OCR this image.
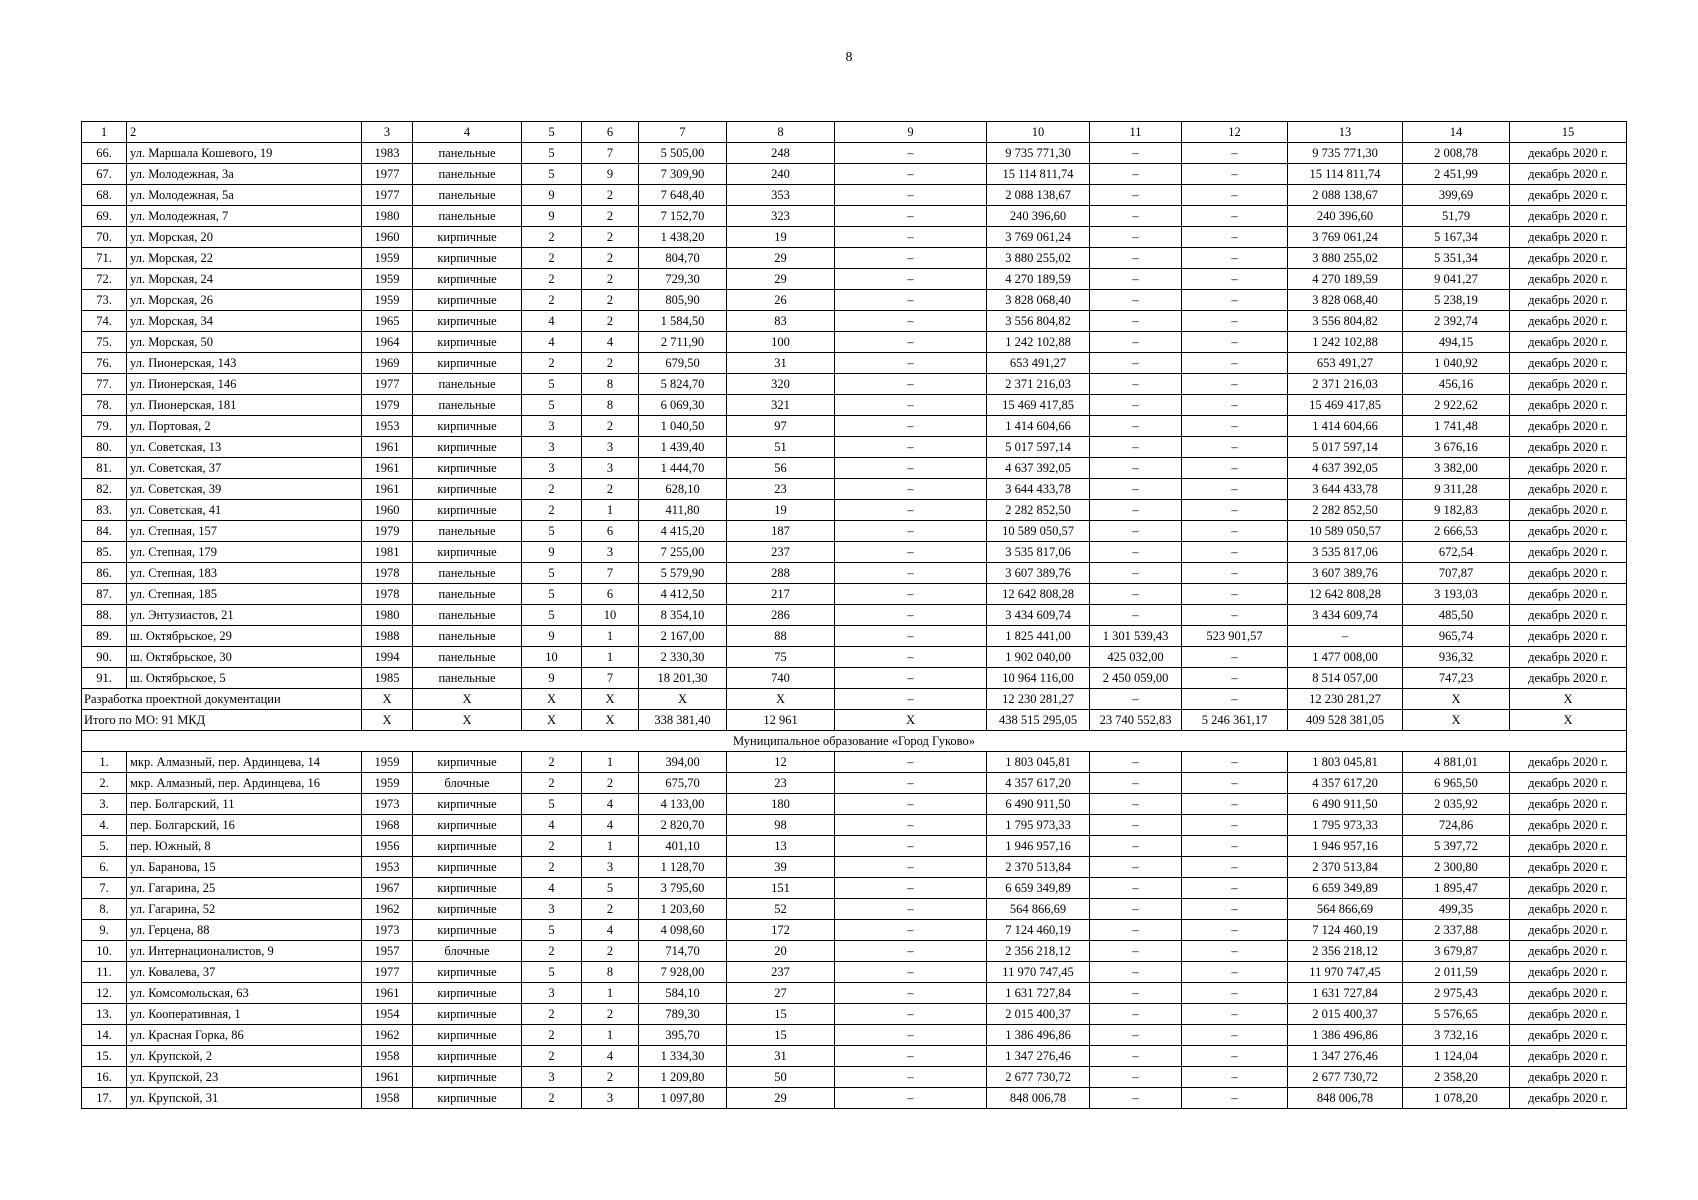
8
1	2	3	4	5	6	7	8	9	10	11	12	13	14	15
66.	ул. Маршала Кошевого, 19	1983	панельные	5	7	5 505,00	248	–	9 735 771,30	–	–	9 735 771,30	2 008,78	декабрь 2020 г.
67.	ул. Молодежная, 3а	1977	панельные	5	9	7 309,90	240	–	15 114 811,74	–	–	15 114 811,74	2 451,99	декабрь 2020 г.
68.	ул. Молодежная, 5а	1977	панельные	9	2	7 648,40	353	–	2 088 138,67	–	–	2 088 138,67	399,69	декабрь 2020 г.
69.	ул. Молодежная, 7	1980	панельные	9	2	7 152,70	323	–	240 396,60	–	–	240 396,60	51,79	декабрь 2020 г.
70.	ул. Морская, 20	1960	кирпичные	2	2	1 438,20	19	–	3 769 061,24	–	–	3 769 061,24	5 167,34	декабрь 2020 г.
71.	ул. Морская, 22	1959	кирпичные	2	2	804,70	29	–	3 880 255,02	–	–	3 880 255,02	5 351,34	декабрь 2020 г.
72.	ул. Морская, 24	1959	кирпичные	2	2	729,30	29	–	4 270 189,59	–	–	4 270 189,59	9 041,27	декабрь 2020 г.
73.	ул. Морская, 26	1959	кирпичные	2	2	805,90	26	–	3 828 068,40	–	–	3 828 068,40	5 238,19	декабрь 2020 г.
74.	ул. Морская, 34	1965	кирпичные	4	2	1 584,50	83	–	3 556 804,82	–	–	3 556 804,82	2 392,74	декабрь 2020 г.
75.	ул. Морская, 50	1964	кирпичные	4	4	2 711,90	100	–	1 242 102,88	–	–	1 242 102,88	494,15	декабрь 2020 г.
76.	ул. Пионерская, 143	1969	кирпичные	2	2	679,50	31	–	653 491,27	–	–	653 491,27	1 040,92	декабрь 2020 г.
77.	ул. Пионерская, 146	1977	панельные	5	8	5 824,70	320	–	2 371 216,03	–	–	2 371 216,03	456,16	декабрь 2020 г.
78.	ул. Пионерская, 181	1979	панельные	5	8	6 069,30	321	–	15 469 417,85	–	–	15 469 417,85	2 922,62	декабрь 2020 г.
79.	ул. Портовая, 2	1953	кирпичные	3	2	1 040,50	97	–	1 414 604,66	–	–	1 414 604,66	1 741,48	декабрь 2020 г.
80.	ул. Советская, 13	1961	кирпичные	3	3	1 439,40	51	–	5 017 597,14	–	–	5 017 597,14	3 676,16	декабрь 2020 г.
81.	ул. Советская, 37	1961	кирпичные	3	3	1 444,70	56	–	4 637 392,05	–	–	4 637 392,05	3 382,00	декабрь 2020 г.
82.	ул. Советская, 39	1961	кирпичные	2	2	628,10	23	–	3 644 433,78	–	–	3 644 433,78	9 311,28	декабрь 2020 г.
83.	ул. Советская, 41	1960	кирпичные	2	1	411,80	19	–	2 282 852,50	–	–	2 282 852,50	9 182,83	декабрь 2020 г.
84.	ул. Степная, 157	1979	панельные	5	6	4 415,20	187	–	10 589 050,57	–	–	10 589 050,57	2 666,53	декабрь 2020 г.
85.	ул. Степная, 179	1981	кирпичные	9	3	7 255,00	237	–	3 535 817,06	–	–	3 535 817,06	672,54	декабрь 2020 г.
86.	ул. Степная, 183	1978	панельные	5	7	5 579,90	288	–	3 607 389,76	–	–	3 607 389,76	707,87	декабрь 2020 г.
87.	ул. Степная, 185	1978	панельные	5	6	4 412,50	217	–	12 642 808,28	–	–	12 642 808,28	3 193,03	декабрь 2020 г.
88.	ул. Энтузиастов, 21	1980	панельные	5	10	8 354,10	286	–	3 434 609,74	–	–	3 434 609,74	485,50	декабрь 2020 г.
89.	ш. Октябрьское, 29	1988	панельные	9	1	2 167,00	88	–	1 825 441,00	1 301 539,43	523 901,57	–	965,74	декабрь 2020 г.
90.	ш. Октябрьское, 30	1994	панельные	10	1	2 330,30	75	–	1 902 040,00	425 032,00	–	1 477 008,00	936,32	декабрь 2020 г.
91.	ш. Октябрьское, 5	1985	панельные	9	7	18 201,30	740	–	10 964 116,00	2 450 059,00	–	8 514 057,00	747,23	декабрь 2020 г.
Разработка проектной документации		X	X	X	X	X	X	–	12 230 281,27	–	–	12 230 281,27	X	X
Итого по МО: 91 МКД		X	X	X	X	338 381,40	12 961	X	438 515 295,05	23 740 552,83	5 246 361,17	409 528 381,05	X	X
Муниципальное образование «Город Гуково»														
1.	мкр. Алмазный, пер. Ардинцева, 14	1959	кирпичные	2	1	394,00	12	–	1 803 045,81	–	–	1 803 045,81	4 881,01	декабрь 2020 г.
2.	мкр. Алмазный, пер. Ардинцева, 16	1959	блочные	2	2	675,70	23	–	4 357 617,20	–	–	4 357 617,20	6 965,50	декабрь 2020 г.
3.	пер. Болгарский, 11	1973	кирпичные	5	4	4 133,00	180	–	6 490 911,50	–	–	6 490 911,50	2 035,92	декабрь 2020 г.
4.	пер. Болгарский, 16	1968	кирпичные	4	4	2 820,70	98	–	1 795 973,33	–	–	1 795 973,33	724,86	декабрь 2020 г.
5.	пер. Южный, 8	1956	кирпичные	2	1	401,10	13	–	1 946 957,16	–	–	1 946 957,16	5 397,72	декабрь 2020 г.
6.	ул. Баранова, 15	1953	кирпичные	2	3	1 128,70	39	–	2 370 513,84	–	–	2 370 513,84	2 300,80	декабрь 2020 г.
7.	ул. Гагарина, 25	1967	кирпичные	4	5	3 795,60	151	–	6 659 349,89	–	–	6 659 349,89	1 895,47	декабрь 2020 г.
8.	ул. Гагарина, 52	1962	кирпичные	3	2	1 203,60	52	–	564 866,69	–	–	564 866,69	499,35	декабрь 2020 г.
9.	ул. Герцена, 88	1973	кирпичные	5	4	4 098,60	172	–	7 124 460,19	–	–	7 124 460,19	2 337,88	декабрь 2020 г.
10.	ул. Интернационалистов, 9	1957	блочные	2	2	714,70	20	–	2 356 218,12	–	–	2 356 218,12	3 679,87	декабрь 2020 г.
11.	ул. Ковалева, 37	1977	кирпичные	5	8	7 928,00	237	–	11 970 747,45	–	–	11 970 747,45	2 011,59	декабрь 2020 г.
12.	ул. Комсомольская, 63	1961	кирпичные	3	1	584,10	27	–	1 631 727,84	–	–	1 631 727,84	2 975,43	декабрь 2020 г.
13.	ул. Кооперативная, 1	1954	кирпичные	2	2	789,30	15	–	2 015 400,37	–	–	2 015 400,37	5 576,65	декабрь 2020 г.
14.	ул. Красная Горка, 86	1962	кирпичные	2	1	395,70	15	–	1 386 496,86	–	–	1 386 496,86	3 732,16	декабрь 2020 г.
15.	ул. Крупской, 2	1958	кирпичные	2	4	1 334,30	31	–	1 347 276,46	–	–	1 347 276,46	1 124,04	декабрь 2020 г.
16.	ул. Крупской, 23	1961	кирпичные	3	2	1 209,80	50	–	2 677 730,72	–	–	2 677 730,72	2 358,20	декабрь 2020 г.
17.	ул. Крупской, 31	1958	кирпичные	2	3	1 097,80	29	–	848 006,78	–	–	848 006,78	1 078,20	декабрь 2020 г.
